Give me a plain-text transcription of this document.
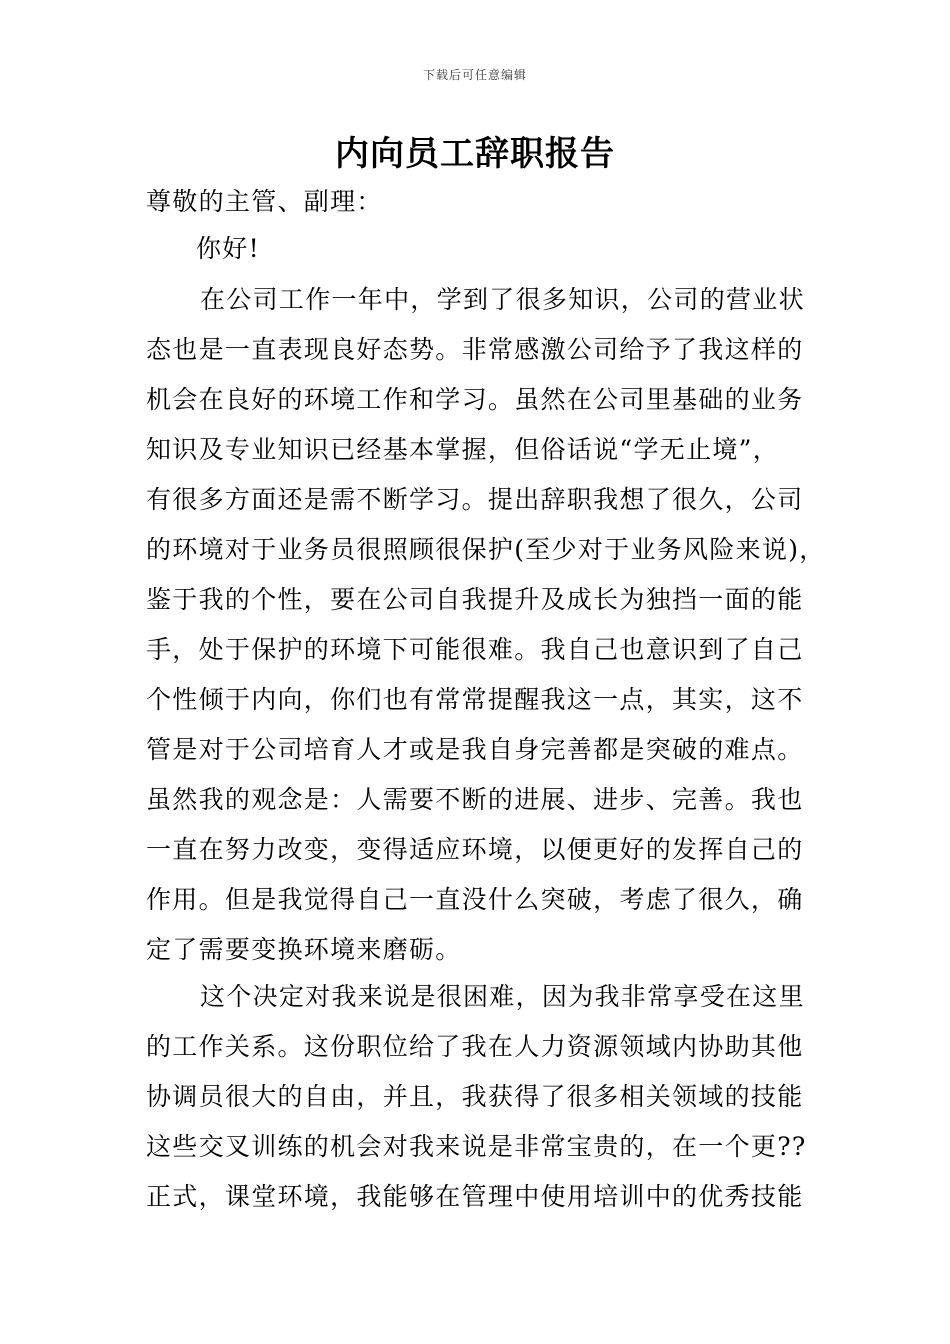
下载后可任意编辑
内向员工辞职报告
尊敬的主管、副理：
你好!
在公司工作一年中，学到了很多知识，公司的营业状
态也是一直表现良好态势。非常感激公司给予了我这样的
机会在良好的环境工作和学习。虽然在公司里基础的业务
知识及专业知识已经基本掌握，但俗话说“学无止境”，
有很多方面还是需不断学习。提出辞职我想了很久，公司
的环境对于业务员很照顾很保护(至少对于业务风险来说)，
鉴于我的个性，要在公司自我提升及成长为独挡一面的能
手，处于保护的环境下可能很难。我自己也意识到了自己
个性倾于内向，你们也有常常提醒我这一点，其实，这不
管是对于公司培育人才或是我自身完善都是突破的难点。
虽然我的观念是：人需要不断的进展、进步、完善。我也
一直在努力改变，变得适应环境，以便更好的发挥自己的
作用。但是我觉得自己一直没什么突破，考虑了很久，确
定了需要变换环境来磨砺。
这个决定对我来说是很困难，因为我非常享受在这里
的工作关系。这份职位给了我在人力资源领域内协助其他
协调员很大的自由，并且，我获得了很多相关领域的技能
这些交叉训练的机会对我来说是非常宝贵的，在一个更??
正式，课堂环境，我能够在管理中使用培训中的优秀技能
